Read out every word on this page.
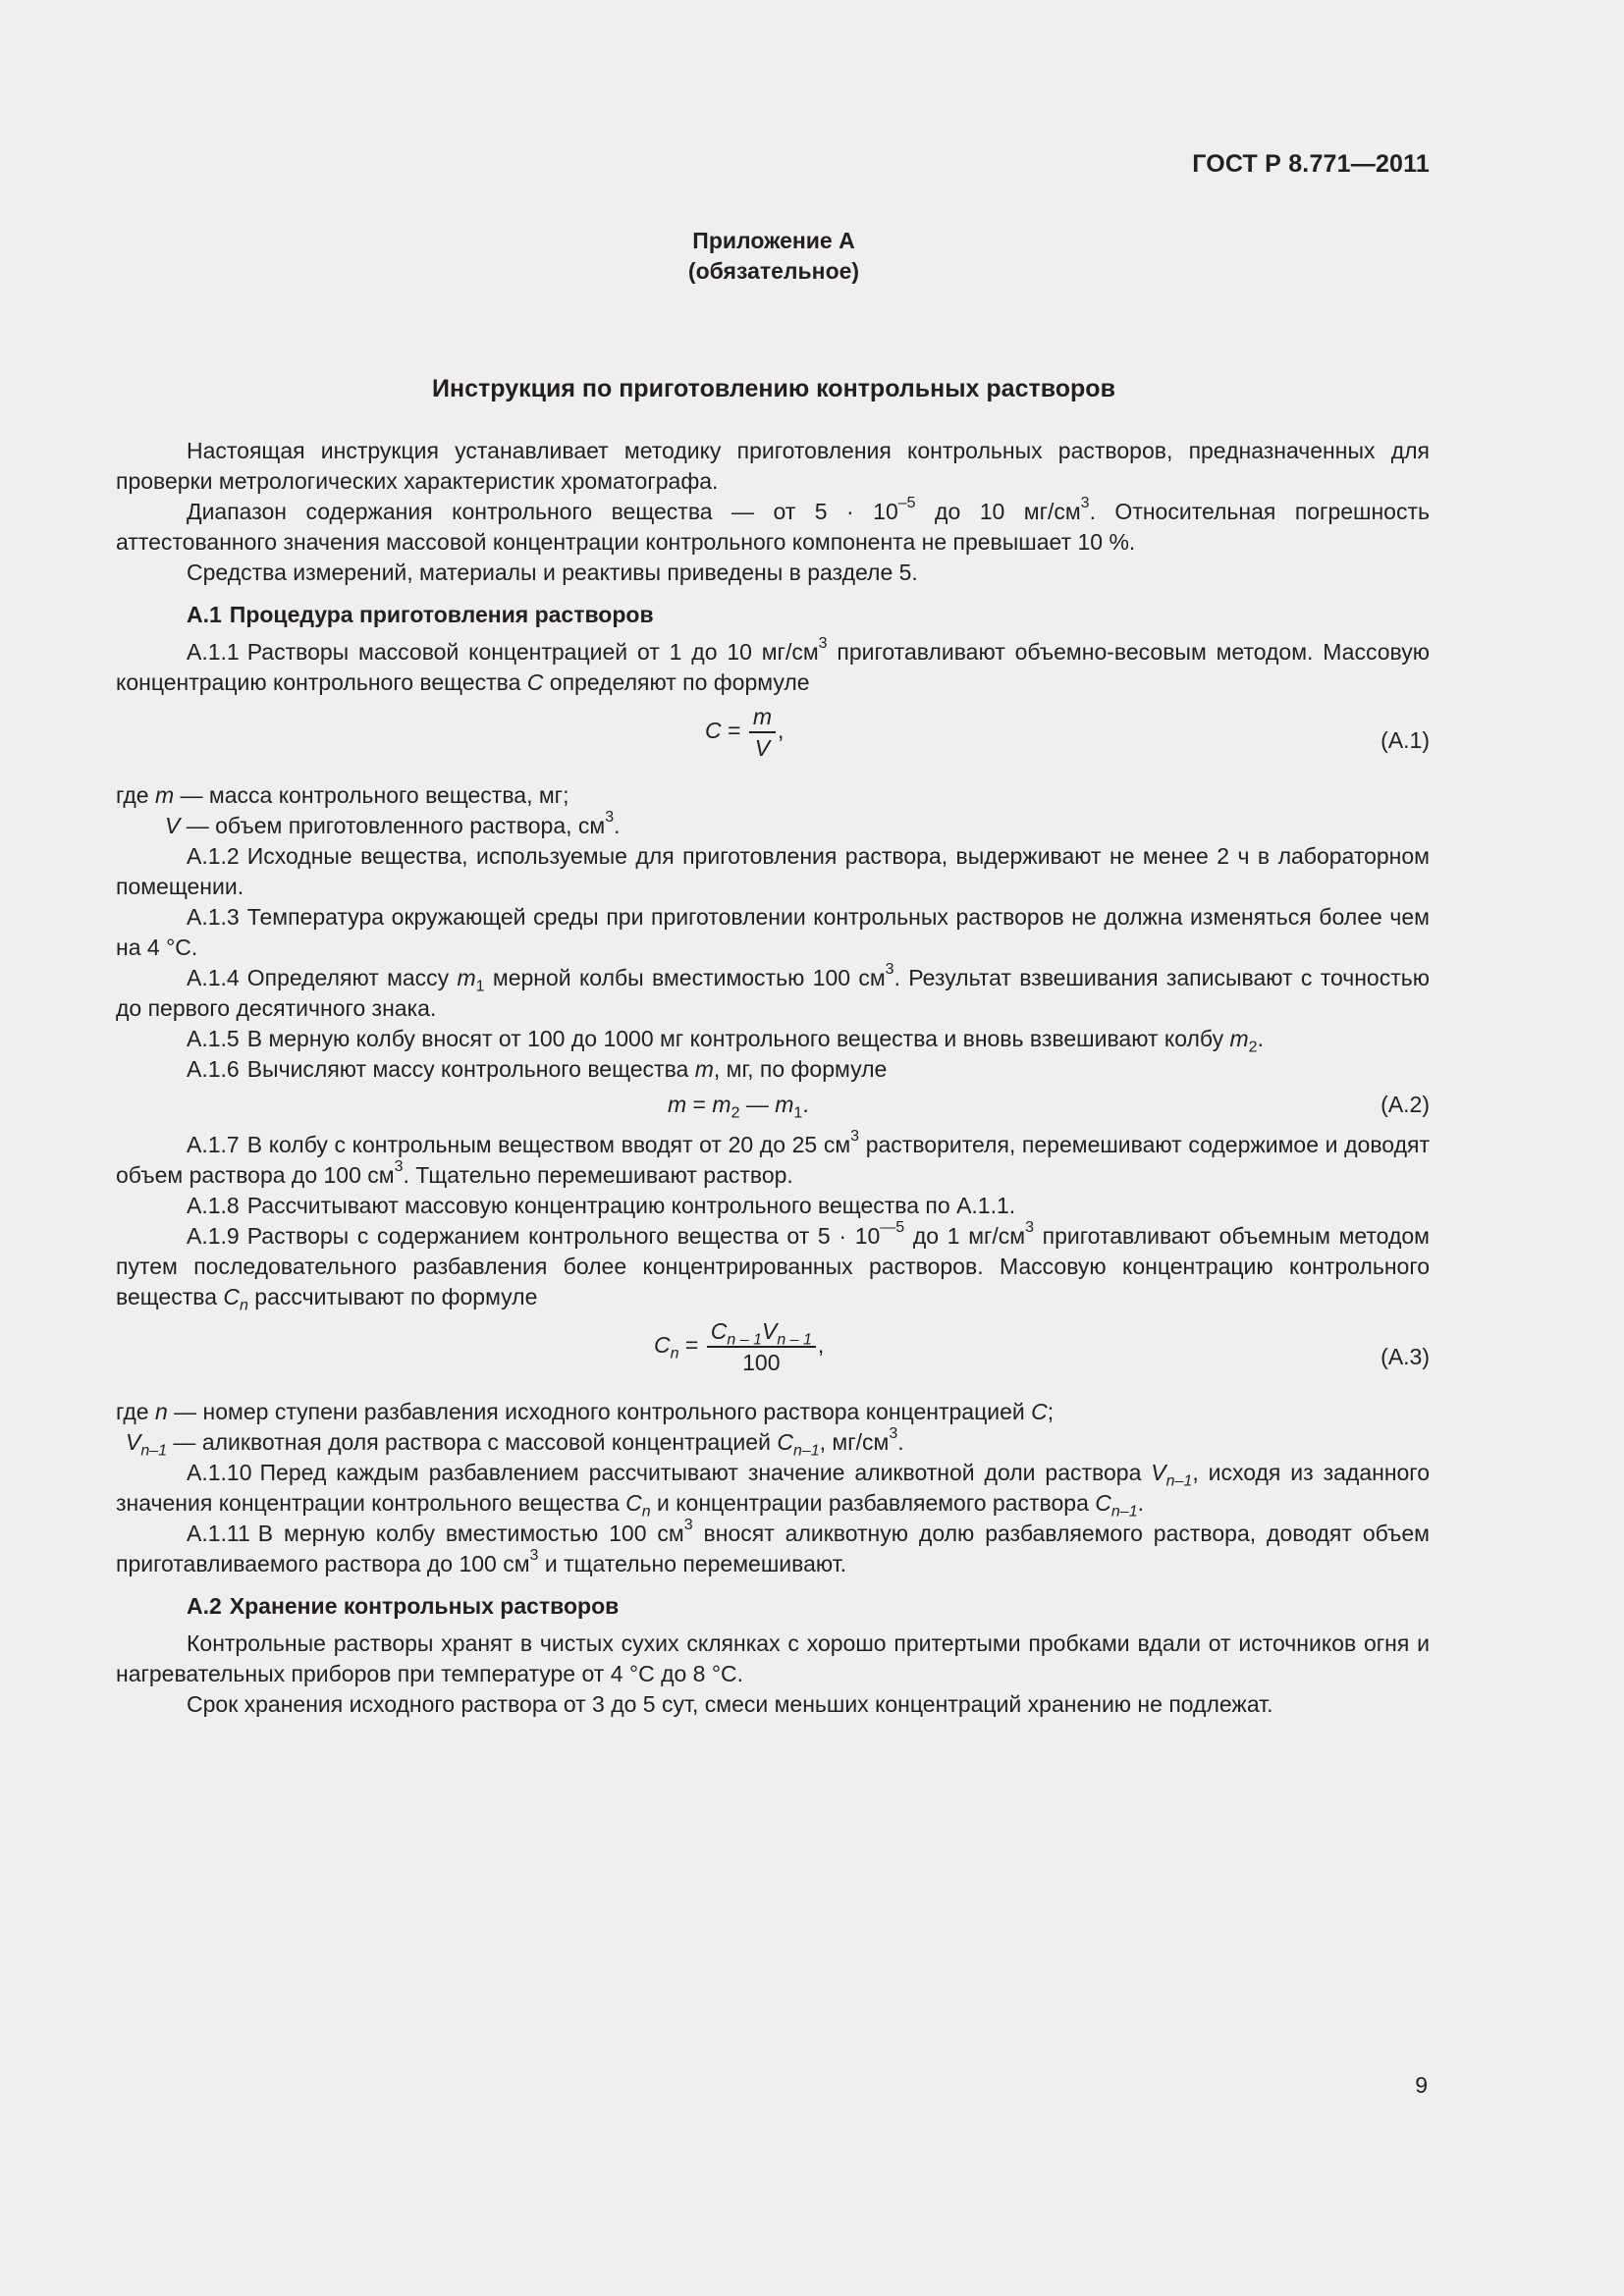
ГОСТ Р 8.771—2011
Приложение А
(обязательное)
Инструкция по приготовлению контрольных растворов

Настоящая инструкция устанавливает методику приготовления контрольных растворов, предназначенных для проверки метрологических характеристик хроматографа.

Диапазон содержания контрольного вещества — от $5 \cdot 10^{-5}$ до 10 $мг/см^3$. Относительная погрешность аттестованного значения массовой концентрации контрольного компонента не превышает 10 %.

Средства измерений, материалы и реактивы приведены в разделе 5.

А.1 Процедура приготовления растворов

А.1.1 Растворы массовой концентрацией от 1 до 10 $мг/см^3$ приготавливают объемно-весовым методом. Массовую концентрацию контрольного вещества C определяют по формуле

$C = \frac{m}{V}$ ,	(А.1)

где m — масса контрольного вещества, мг;

V — объем приготовленного раствора, $см^3$.

А.1.2 Исходные вещества, используемые для приготовления раствора, выдерживают не менее 2 ч в лабораторном помещении.

А.1.3 Температура окружающей среды при приготовлении контрольных растворов не должна изменяться более чем на 4 °С.

А.1.4 Определяют массу $m_1$ мерной колбы вместимостью 100 $см^3$. Результат взвешивания записывают с точностью до первого десятичного знака.

А.1.5 В мерную колбу вносят от 100 до 1000 мг контрольного вещества и вновь взвешивают колбу $m_2$.

А.1.6 Вычисляют массу контрольного вещества m, мг, по формуле

$m = m_2$ — $m_1$.	(А.2)

А.1.7 В колбу с контрольным веществом вводят от 20 до 25 $см^3$ растворителя, перемешивают содержимое и доводят объем раствора до 100 $см^3$. Тщательно перемешивают раствор.

А.1.8 Рассчитывают массовую концентрацию контрольного вещества по А.1.1.

А.1.9 Растворы с содержанием контрольного вещества от $5 \cdot 10^{—5}$ до 1 $мг/см^3$ приготавливают объемным методом путем последовательного разбавления более концентрированных растворов. Массовую концентрацию контрольного вещества $C_n$ рассчитывают по формуле

$C_n = \frac{C_{n - 1}V_{n - 1}}{100}$ ,	(А.3)

где n — номер ступени разбавления исходного контрольного раствора концентрацией C;

$V_{n-1}$ — аликвотная доля раствора с массовой концентрацией $C_{n-1}$, $мг/см^3$.

А.1.10 Перед каждым разбавлением рассчитывают значение аликвотной доли раствора $V_{n-1}$, исходя из заданного значения концентрации контрольного вещества $C_n$ и концентрации разбавляемого раствора $C_{n-1}$.

А.1.11 В мерную колбу вместимостью 100 $см^3$ вносят аликвотную долю разбавляемого раствора, доводят объем приготавливаемого раствора до 100 $см^3$ и тщательно перемешивают.

А.2 Хранение контрольных растворов

Контрольные растворы хранят в чистых сухих склянках с хорошо притертыми пробками вдали от источников огня и нагревательных приборов при температуре от 4 °С до 8 °С.

Срок хранения исходного раствора от 3 до 5 сут, смеси меньших концентраций хранению не подлежат.

9
